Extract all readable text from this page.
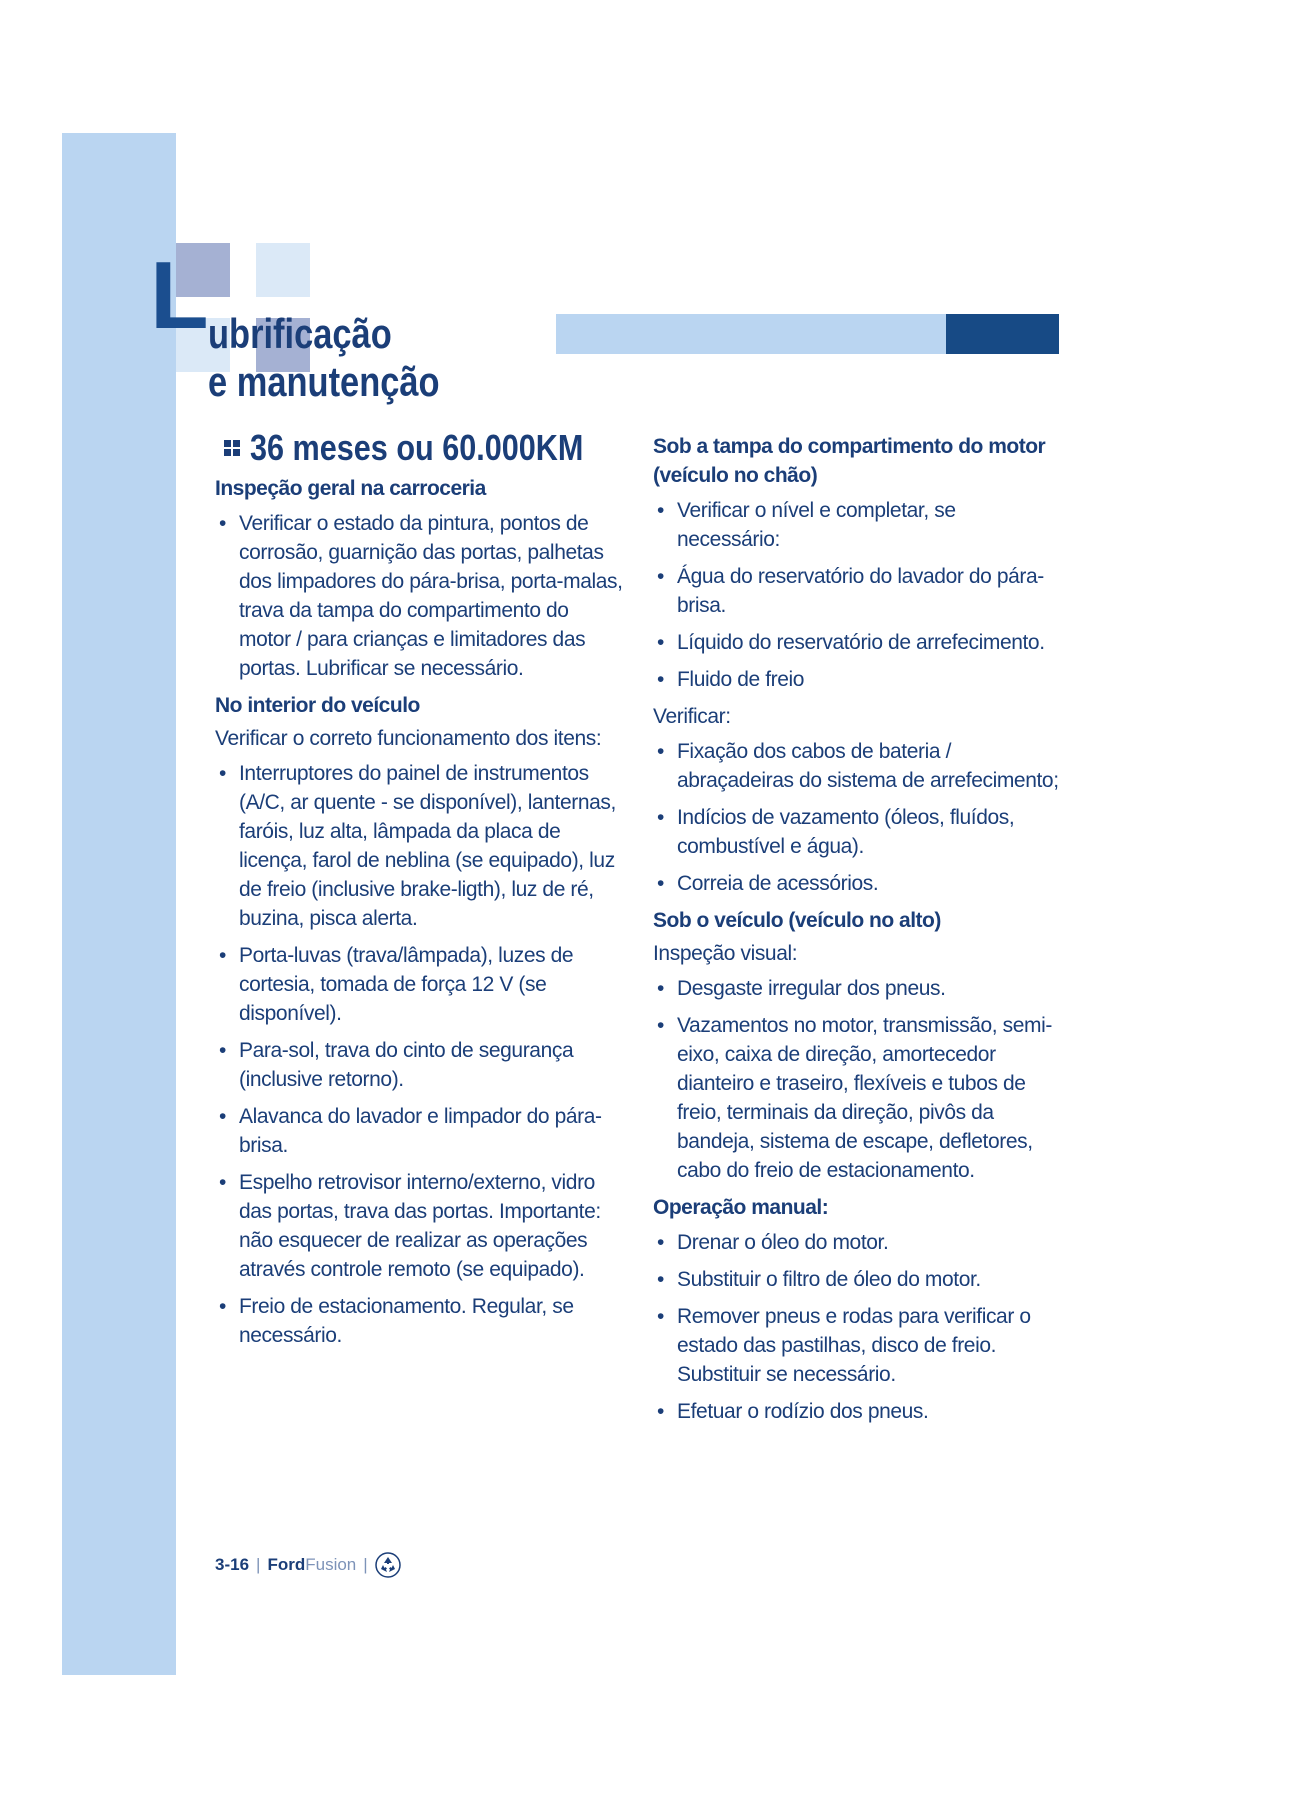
L ubrificação
e manutenção
36 meses ou 60.000KM
Inspeção geral na carroceria
• Verificar o estado da pintura, pontos de corrosão, guarnição das portas, palhetas dos limpadores do pára-brisa, porta-malas, trava da tampa do compartimento do motor / para crianças e limitadores das portas. Lubrificar se necessário.
No interior do veículo
Verificar o correto funcionamento dos itens:
• Interruptores do painel de instrumentos (A/C, ar quente - se disponível), lanternas, faróis, luz alta, lâmpada da placa de licença, farol de neblina (se equipado), luz de freio (inclusive brake-ligth), luz de ré, buzina, pisca alerta.
• Porta-luvas (trava/lâmpada), luzes de cortesia, tomada de força 12 V (se disponível).
• Para-sol, trava do cinto de segurança (inclusive retorno).
• Alavanca do lavador e limpador do pára-brisa.
• Espelho retrovisor interno/externo, vidro das portas, trava das portas. Importante: não esquecer de realizar as operações através controle remoto (se equipado).
• Freio de estacionamento. Regular, se necessário.
Sob a tampa do compartimento do motor (veículo no chão)
• Verificar o nível e completar, se necessário:
• Água do reservatório do lavador do pára-brisa.
• Líquido do reservatório de arrefecimento.
• Fluido de freio
Verificar:
• Fixação dos cabos de bateria / abraçadeiras do sistema de arrefecimento;
• Indícios de vazamento (óleos, fluídos, combustível e água).
• Correia de acessórios.
Sob o veículo (veículo no alto)
Inspeção visual:
• Desgaste irregular dos pneus.
• Vazamentos no motor, transmissão, semi-eixo, caixa de direção, amortecedor dianteiro e traseiro, flexíveis e tubos de freio, terminais da direção, pivôs da bandeja, sistema de escape, defletores, cabo do freio de estacionamento.
Operação manual:
• Drenar o óleo do motor.
• Substituir o filtro de óleo do motor.
• Remover pneus e rodas para verificar o estado das pastilhas, disco de freio. Substituir se necessário.
• Efetuar o rodízio dos pneus.
3-16 | Ford Fusion |
